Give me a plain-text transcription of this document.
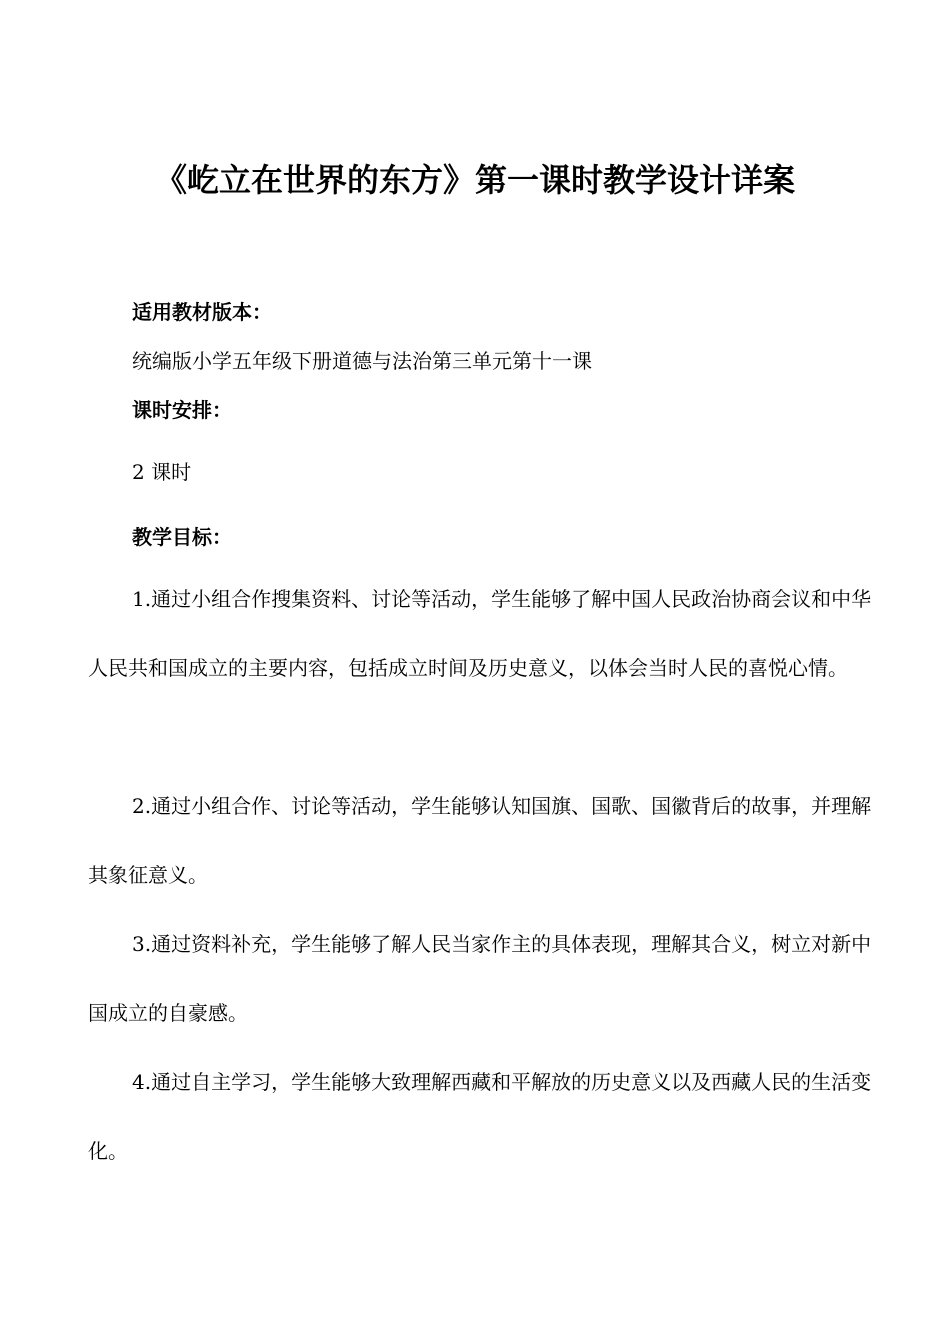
《屹立在世界的东方》第一课时教学设计详案
适用教材版本：
统编版小学五年级下册道德与法治第三单元第十一课
课时安排：
2 课时
教学目标：

1.通过小组合作搜集资料、讨论等活动，学生能够了解中国人民政治协商会议和中华人民共和国成立的主要内容，包括成立时间及历史意义，以体会当时人民的喜悦心情。

2.通过小组合作、讨论等活动，学生能够认知国旗、国歌、国徽背后的故事，并理解其象征意义。

3.通过资料补充，学生能够了解人民当家作主的具体表现，理解其合义，树立对新中国成立的自豪感。

4.通过自主学习，学生能够大致理解西藏和平解放的历史意义以及西藏人民的生活变化。
